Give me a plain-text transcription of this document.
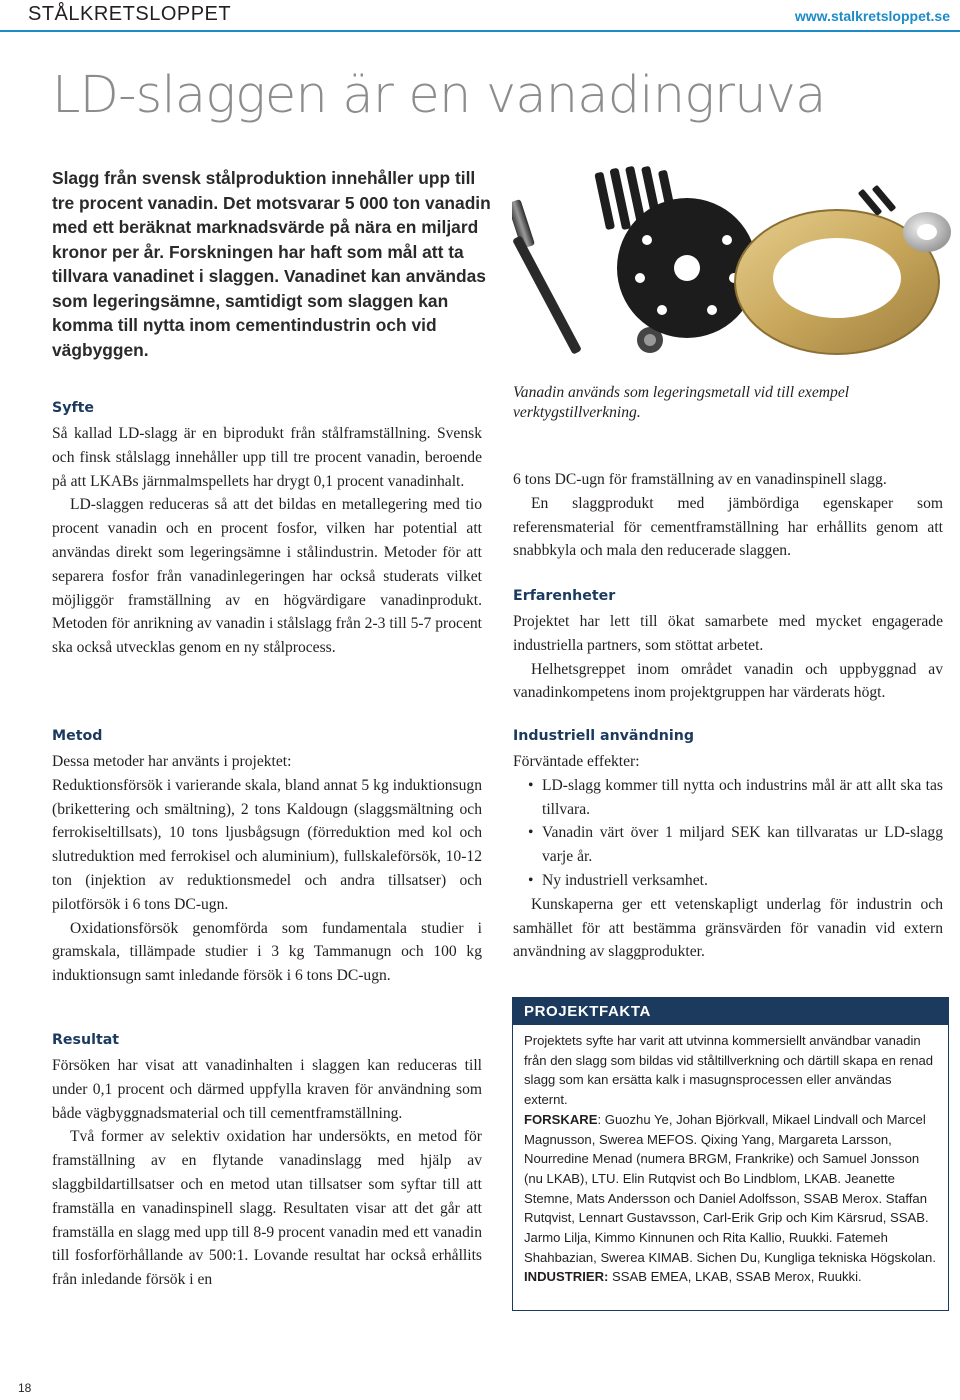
STÅLKRETSLOPPET	www.stalkretsloppet.se
LD-slaggen är en vanadingruva

Slagg från svensk stålproduktion innehåller upp till tre procent vanadin. Det motsvarar 5 000 ton vanadin med ett beräknat marknadsvärde på nära en miljard kronor per år. Forskningen har haft som mål att ta tillvara vanadinet i slaggen. Vanadinet kan användas som legeringsämne, samtidigt som slaggen kan komma till nytta inom cementindustrin och vid vägbyggen.

Syfte

Så kallad LD-slagg är en biprodukt från stålframställning. Svensk och finsk stålslagg innehåller upp till tre procent vanadin, beroende på att LKABs järnmalmspellets har drygt 0,1 procent vanadinhalt.

LD-slaggen reduceras så att det bildas en metallegering med tio procent vanadin och en procent fosfor, vilken har potential att användas direkt som legeringsämne i stålindustrin. Metoder för att separera fosfor från vanadinlegeringen har också studerats vilket möjliggör framställning av en högvärdigare vanadinprodukt. Metoden för anrikning av vanadin i stålslagg från 2-3 till 5-7 procent ska också utvecklas genom en ny stålprocess.

Metod

Dessa metoder har använts i projektet:

Reduktionsförsök i varierande skala, bland annat 5 kg induktionsugn (brikettering och smältning), 2 tons Kaldougn (slaggsmältning och ferrokiseltillsats), 10 tons ljusbågsugn (förreduktion med kol och slutreduktion med ferrokisel och aluminium), fullskaleförsök, 10-12 ton (injektion av reduktionsmedel och andra tillsatser) och pilotförsök i 6 tons DC-ugn.

Oxidationsförsök genomförda som fundamentala studier i gramskala, tillämpade studier i 3 kg Tammanugn och 100 kg induktionsugn samt inledande försök i 6 tons DC-ugn.

Resultat

Försöken har visat att vanadinhalten i slaggen kan reduceras till under 0,1 procent och därmed uppfylla kraven för användning som både vägbyggnadsmaterial och till cementframställning.

Två former av selektiv oxidation har undersökts, en metod för framställning av en flytande vanadinslagg med hjälp av slaggbildartillsatser och en metod utan tillsatser som syftar till att framställa en vanadinspinell slagg. Resultaten visar att det går att framställa en slagg med upp till 8-9 procent vanadin med ett vanadin till fosforförhållande av 500:1. Lovande resultat har också erhållits från inledande försök i en

Vanadin används som legeringsmetall vid till exempel verktygstillverkning.

6 tons DC-ugn för framställning av en vanadinspinell slagg.

En slaggprodukt med jämbördiga egenskaper som referensmaterial för cementframställning har erhållits genom att snabbkyla och mala den reducerade slaggen.

Erfarenheter

Projektet har lett till ökat samarbete med mycket engagerade industriella partners, som stöttat arbetet.

Helhetsgreppet inom området vanadin och uppbyggnad av vanadinkompetens inom projektgruppen har värderats högt.

Industriell användning

Förväntade effekter:

• LD-slagg kommer till nytta och industrins mål är att allt ska tas tillvara.
• Vanadin värt över 1 miljard SEK kan tillvaratas ur LD-slagg varje år.
• Ny industriell verksamhet.

Kunskaperna ger ett vetenskapligt underlag för industrin och samhället för att bestämma gränsvärden för vanadin vid extern användning av slaggprodukter.

PROJEKTFAKTA

Projektets syfte har varit att utvinna kommersiellt användbar vanadin från den slagg som bildas vid ståltillverkning och därtill skapa en renad slagg som kan ersätta kalk i masugnsprocessen eller användas externt.

FORSKARE: Guozhu Ye, Johan Björkvall, Mikael Lindvall och Marcel Magnusson, Swerea MEFOS. Qixing Yang, Margareta Larsson, Nourredine Menad (numera BRGM, Frankrike) och Samuel Jonsson (nu LKAB), LTU. Elin Rutqvist och Bo Lindblom, LKAB. Jeanette Stemne, Mats Andersson och Daniel Adolfsson, SSAB Merox. Staffan Rutqvist, Lennart Gustavsson, Carl-Erik Grip och Kim Kärsrud, SSAB. Jarmo Lilja, Kimmo Kinnunen och Rita Kallio, Ruukki. Fatemeh Shahbazian, Swerea KIMAB. Sichen Du, Kungliga tekniska Högskolan.

INDUSTRIER: SSAB EMEA, LKAB, SSAB Merox, Ruukki.

18
